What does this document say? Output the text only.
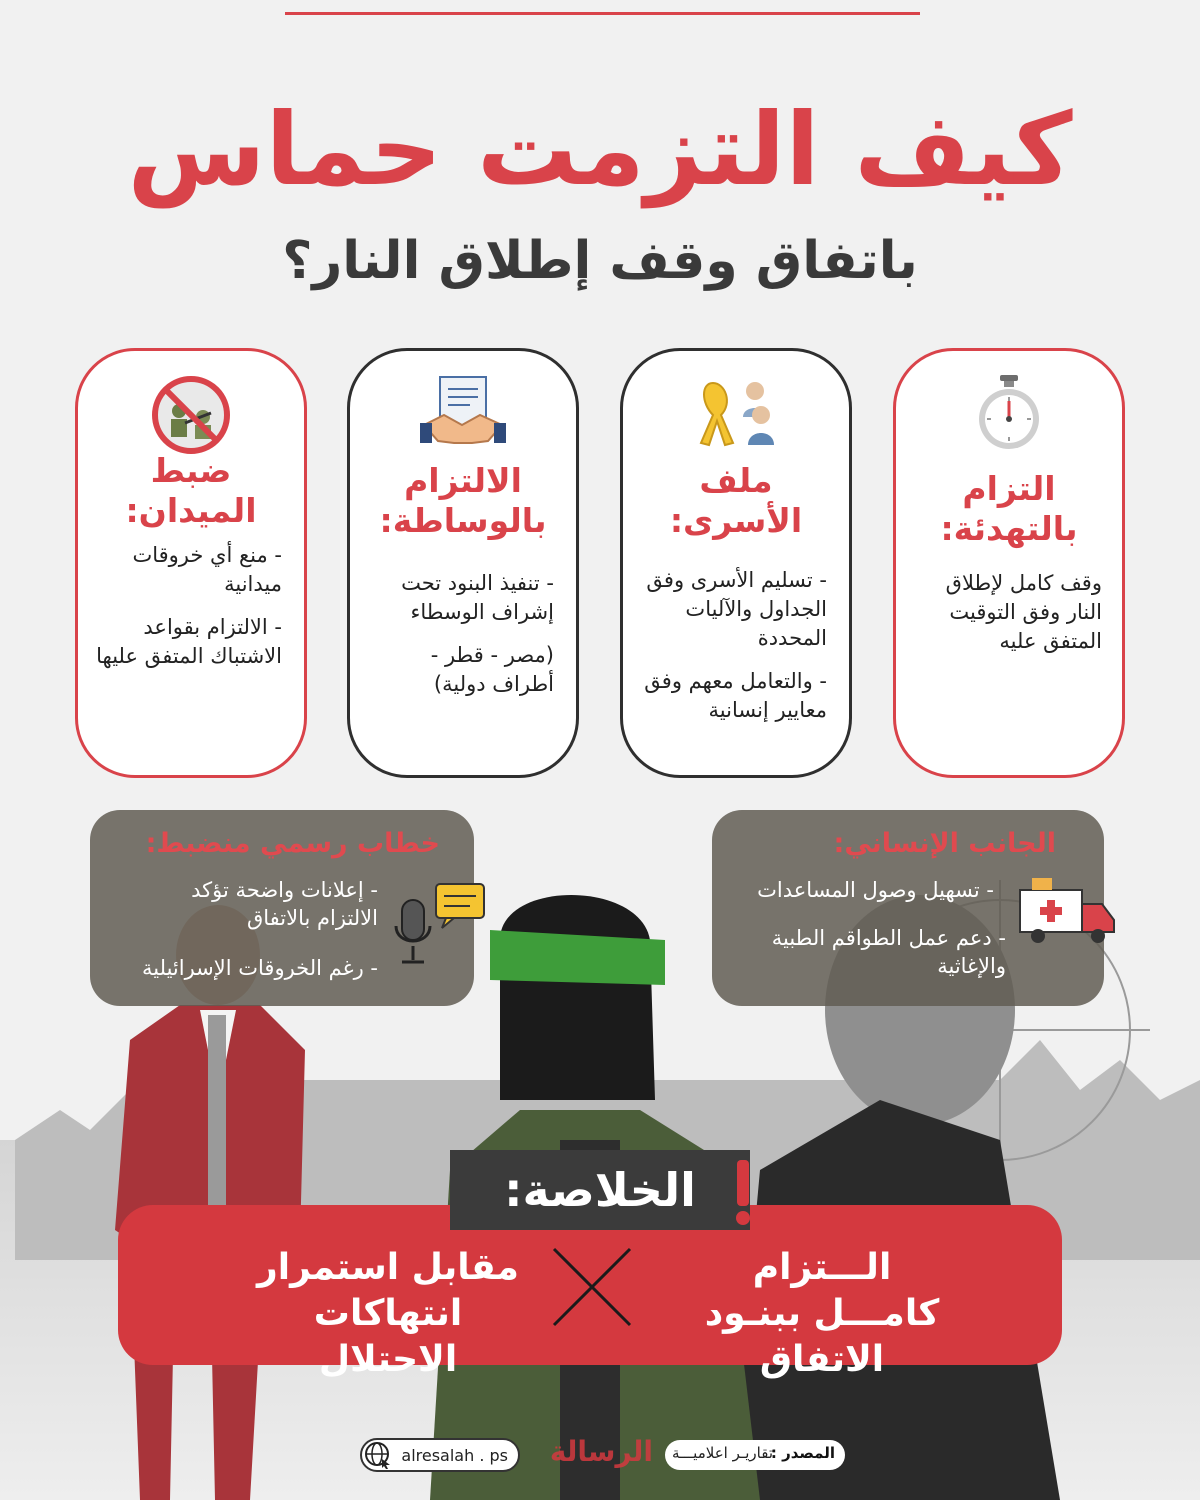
كيف التزمت حماس
باتفاق وقف إطلاق النار؟
التزام بالتهدئة:

وقف كامل لإطلاق النار وفق التوقيت المتفق عليه

ملف الأسرى:

- تسليم الأسرى وفق الجداول والآليات المحددة

- والتعامل معهم وفق معايير إنسانية

الالتزام بالوساطة:

- تنفيذ البنود تحت إشراف الوسطاء

(مصر - قطر - أطراف دولية)

ضبط الميدان:

- منع أي خروقات ميدانية

- الالتزام بقواعد الاشتباك المتفق عليها

الجانب الإنساني:
- تسهيل وصول المساعدات
- دعم عمل الطواقم الطبية والإغاثية
خطاب رسمي منضبط:
- إعلانات واضحة تؤكد الالتزام بالاتفاق
- رغم الخروقات الإسرائيلية
الـــتزام كامـــل ببنـود الاتفاق
مقابل استمرار انتهاكات الاحتلال
الخلاصة:
alresalah . ps الرسالة	المصدر :
تقاريـر اعلاميـــة
